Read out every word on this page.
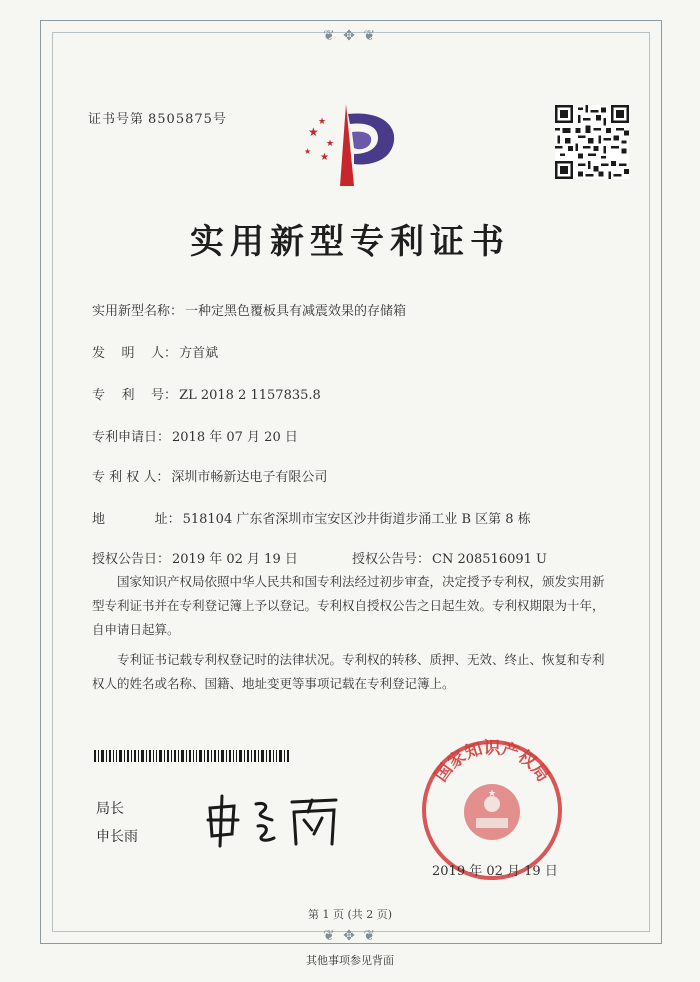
❦ ✥ ❦
❦ ✥ ❦
证书号第 8505875号
★
★
★
★
★
实用新型专利证书
实用新型名称： 一种定黑色覆板具有减震效果的存储箱
发    明    人： 方首斌
专    利    号： ZL 2018 2 1157835.8
专利申请日： 2018 年 07 月 20 日
专 利 权 人： 深圳市畅新达电子有限公司
地            址： 518104 广东省深圳市宝安区沙井街道步涌工业 B 区第 8 栋
授权公告日： 2019 年 02 月 19 日	授权公告号： CN 208516091 U

国家知识产权局依照中华人民共和国专利法经过初步审查，决定授予专利权，颁发实用新型专利证书并在专利登记簿上予以登记。专利权自授权公告之日起生效。专利权期限为十年，自申请日起算。

专利证书记载专利权登记时的法律状况。专利权的转移、质押、无效、终止、恢复和专利权人的姓名或名称、国籍、地址变更等事项记载在专利登记簿上。

局长
申长雨
国家知识产权局
★
2019 年 02 月 19 日
第 1 页 (共 2 页)
其他事项参见背面
